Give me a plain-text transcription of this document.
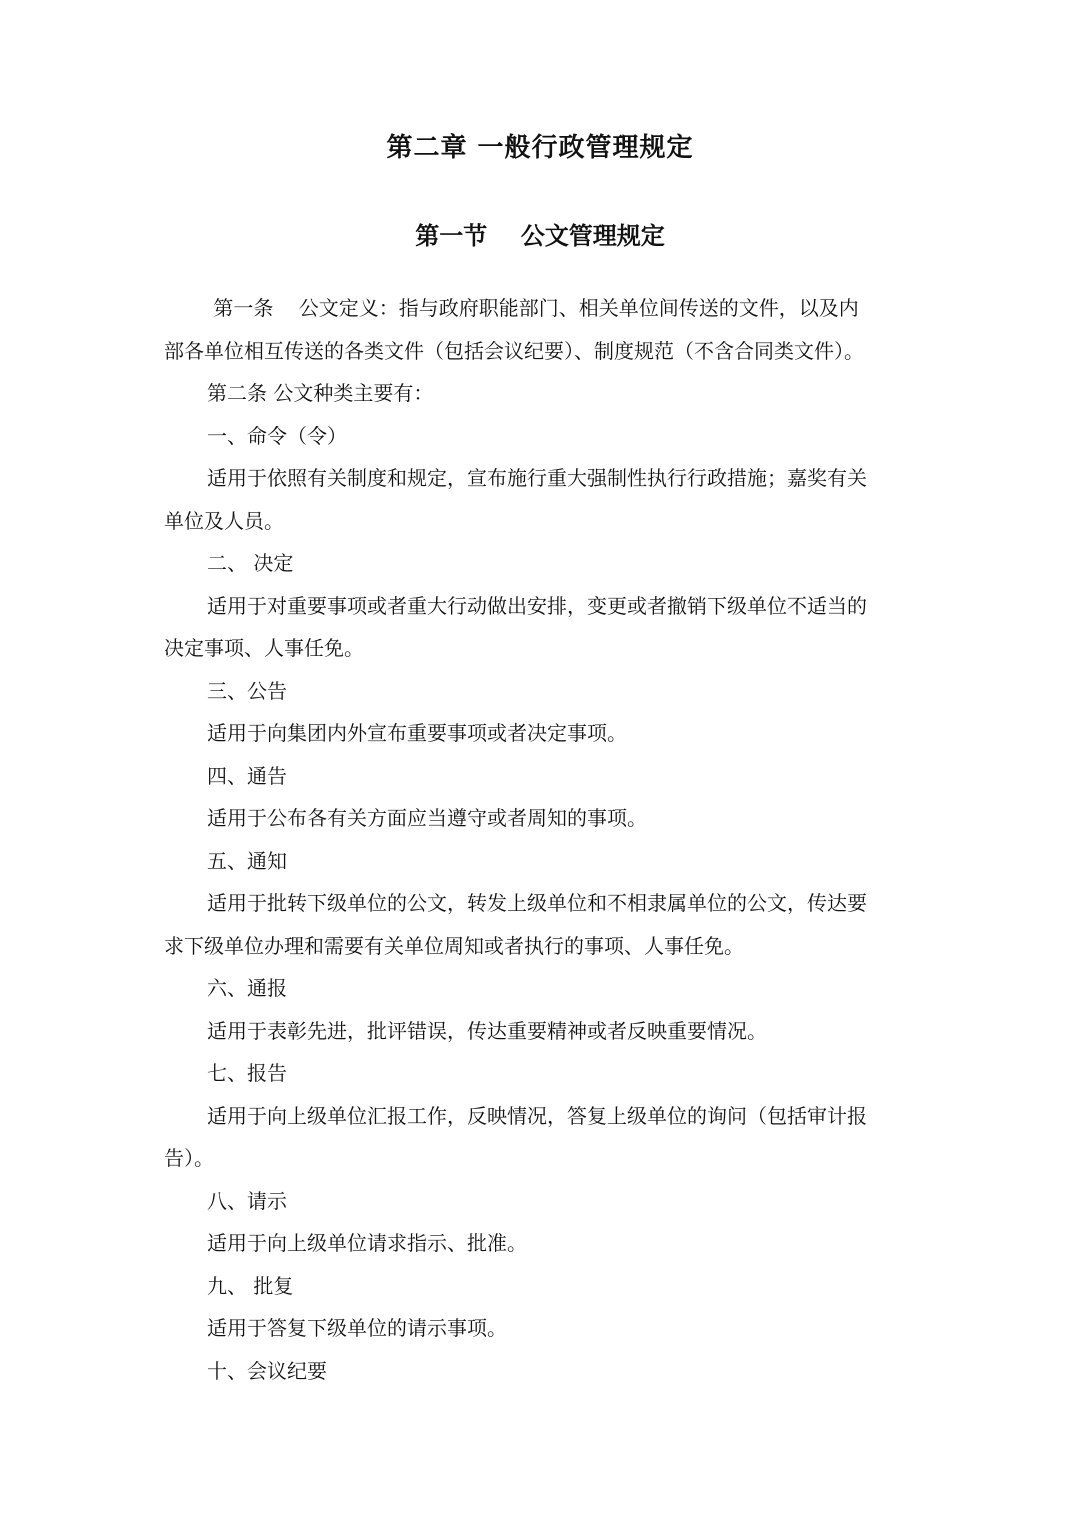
第二章 一般行政管理规定
第一节    公文管理规定
第一条    公文定义：指与政府职能部门、相关单位间传送的文件，以及内
部各单位相互传送的各类文件（包括会议纪要）、制度规范（不含合同类文件）。
第二条 公文种类主要有：
一、命令（令）
适用于依照有关制度和规定，宣布施行重大强制性执行行政措施；嘉奖有关
单位及人员。
二、 决定
适用于对重要事项或者重大行动做出安排，变更或者撤销下级单位不适当的
决定事项、人事任免。
三、公告
适用于向集团内外宣布重要事项或者决定事项。
四、通告
适用于公布各有关方面应当遵守或者周知的事项。
五、通知
适用于批转下级单位的公文，转发上级单位和不相隶属单位的公文，传达要
求下级单位办理和需要有关单位周知或者执行的事项、人事任免。
六、通报
适用于表彰先进，批评错误，传达重要精神或者反映重要情况。
七、报告
适用于向上级单位汇报工作，反映情况，答复上级单位的询问（包括审计报
告）。
八、请示
适用于向上级单位请求指示、批准。
九、 批复
适用于答复下级单位的请示事项。
十、会议纪要
